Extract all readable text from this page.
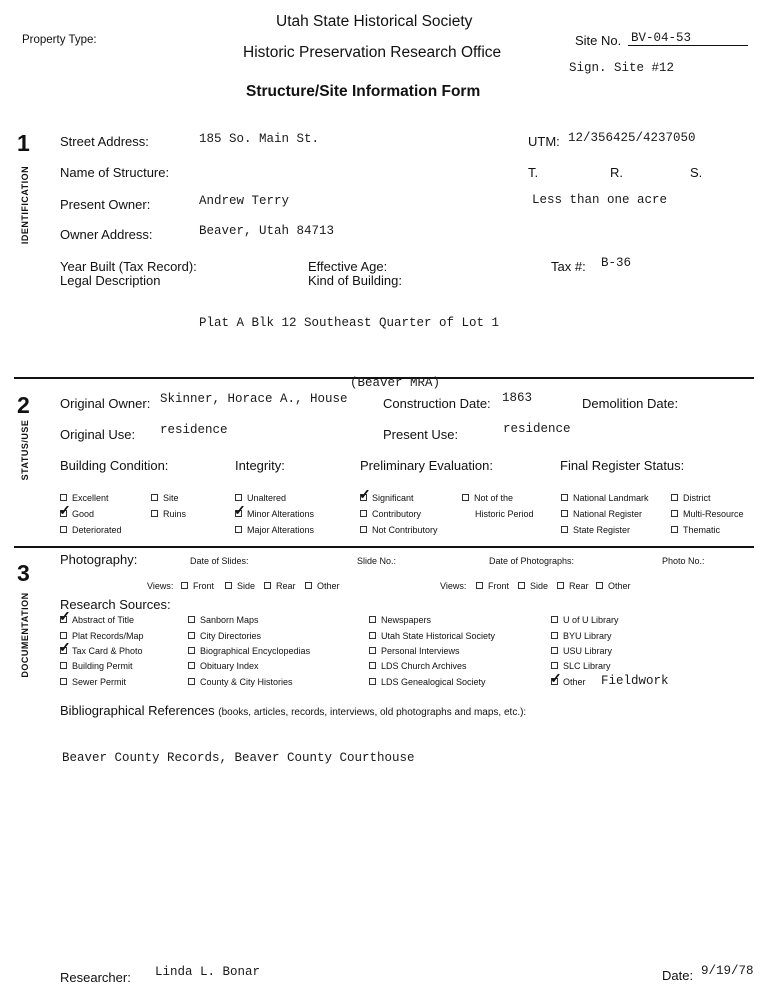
Utah State Historical Society
Property Type:
Historic Preservation Research Office
Site No. BV-04-53
Sign. Site #12
Structure/Site Information Form
1
IDENTIFICATION
Street Address:	185 So. Main St.	UTM: 12/356425/4237050
Name of Structure:	T.	R.	S.
Present Owner:	Andrew Terry	Less than one acre
Owner Address:	Beaver, Utah 84713
Year Built (Tax Record):	Effective Age:	Tax #: B-36
Legal Description	Kind of Building:
Plat A Blk 12 Southeast Quarter of Lot 1
(Beaver MRA)
2
STATUS/USE
Original Owner: Skinner, Horace A., House	Construction Date: 1863	Demolition Date:
Original Use: residence	Present Use:	residence
Building Condition:	Integrity:	Preliminary Evaluation:	Final Register Status:
Excellent	Site
✓Good	Ruins
Deteriorated
Unaltered
✓Minor Alterations
Major Alterations
✓Significant
Contributory
Not Contributory
Not of the
Historic Period
National Landmark	District
National Register	Multi-Resource
State Register	Thematic
3
DOCUMENTATION
Photography:	Date of Slides:	Slide No.:	Date of Photographs:	Photo No.:
Views:	Front	Side	Rear	Other	Views:	Front	Side	Rear	Other
Research Sources:
✓Abstract of Title
Plat Records/Map
✓Tax Card & Photo
Building Permit
Sewer Permit
Sanborn Maps
City Directories
Biographical Encyclopedias
Obituary Index
County & City Histories
Newspapers
Utah State Historical Society
Personal Interviews
LDS Church Archives
LDS Genealogical Society
U of U Library
BYU Library
USU Library
SLC Library
✓Other Fieldwork
Bibliographical References (books, articles, records, interviews, old photographs and maps, etc.):
Beaver County Records, Beaver County Courthouse
Researcher: Linda L. Bonar	Date: 9/19/78
